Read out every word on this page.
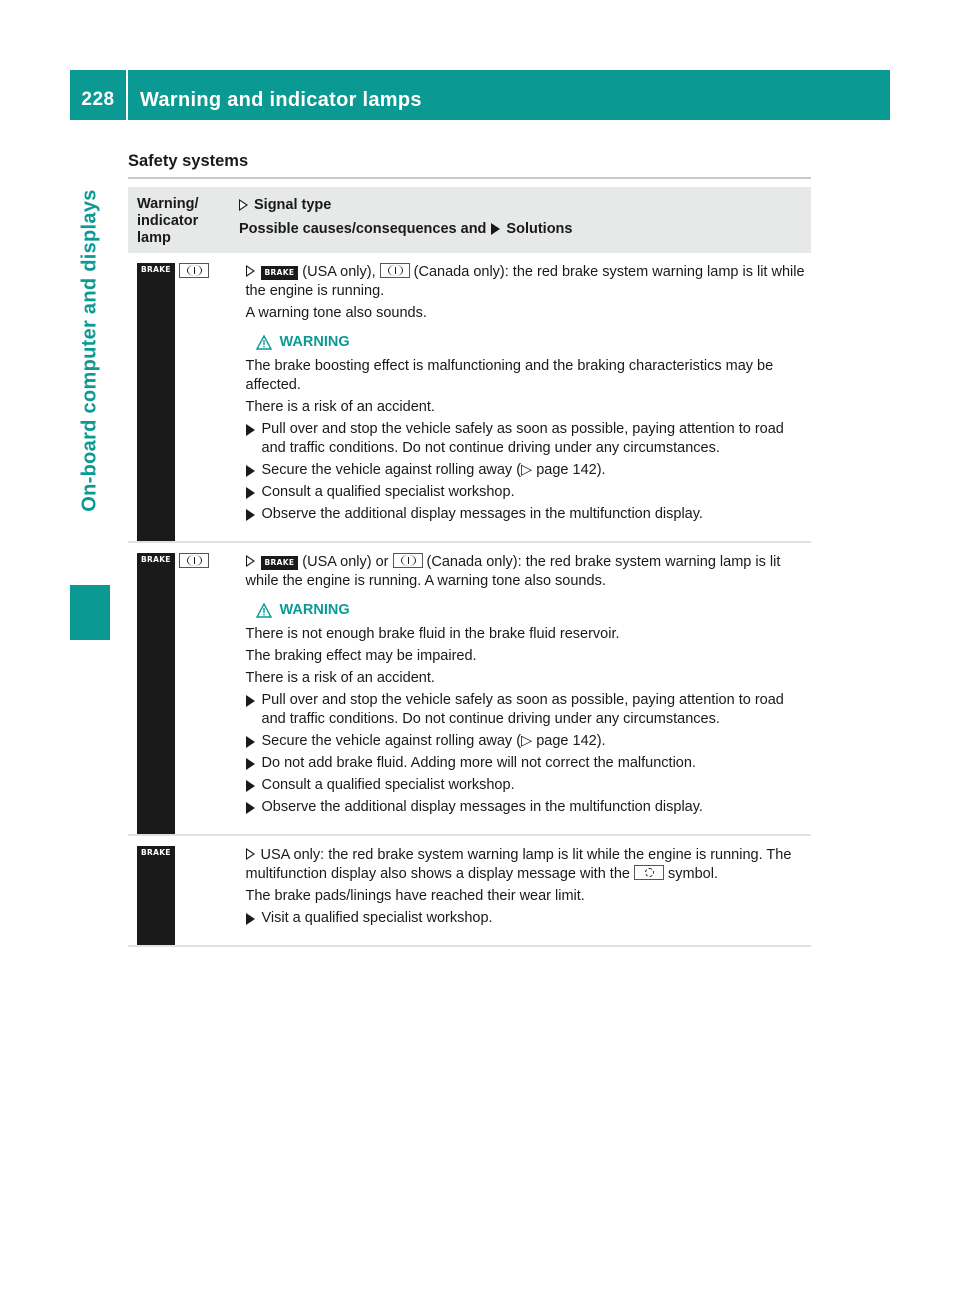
228	Warning and indicator lamps
On-board computer and displays
Safety systems
Warning/ indicator lamp
Signal type
Possible causes/consequences and Solutions
BRAKE	BRAKE (USA only),
(Canada only): the red brake system warning lamp is lit while the engine is running.

A warning tone also sounds.

WARNING

The brake boosting effect is malfunctioning and the braking characteristics may be affected.

There is a risk of an accident.

Pull over and stop the vehicle safely as soon as possible, paying attention to road and traffic conditions. Do not continue driving under any circumstances.
Secure the vehicle against rolling away (▷ page 142).
Consult a qualified specialist workshop.
Observe the additional display messages in the multifunction display.
BRAKE	BRAKE (USA only) or
(Canada only): the red brake system warning lamp is lit while the engine is running. A warning tone also sounds.

WARNING

There is not enough brake fluid in the brake fluid reservoir.

The braking effect may be impaired.

There is a risk of an accident.

Pull over and stop the vehicle safely as soon as possible, paying attention to road and traffic conditions. Do not continue driving under any circumstances.
Secure the vehicle against rolling away (▷ page 142).
Do not add brake fluid. Adding more will not correct the malfunction.
Consult a qualified specialist workshop.
Observe the additional display messages in the multifunction display.
BRAKE	USA only: the red brake system warning lamp is lit while the engine is running. The multifunction display also shows a display message with the
symbol.

The brake pads/linings have reached their wear limit.

Visit a qualified specialist workshop.
